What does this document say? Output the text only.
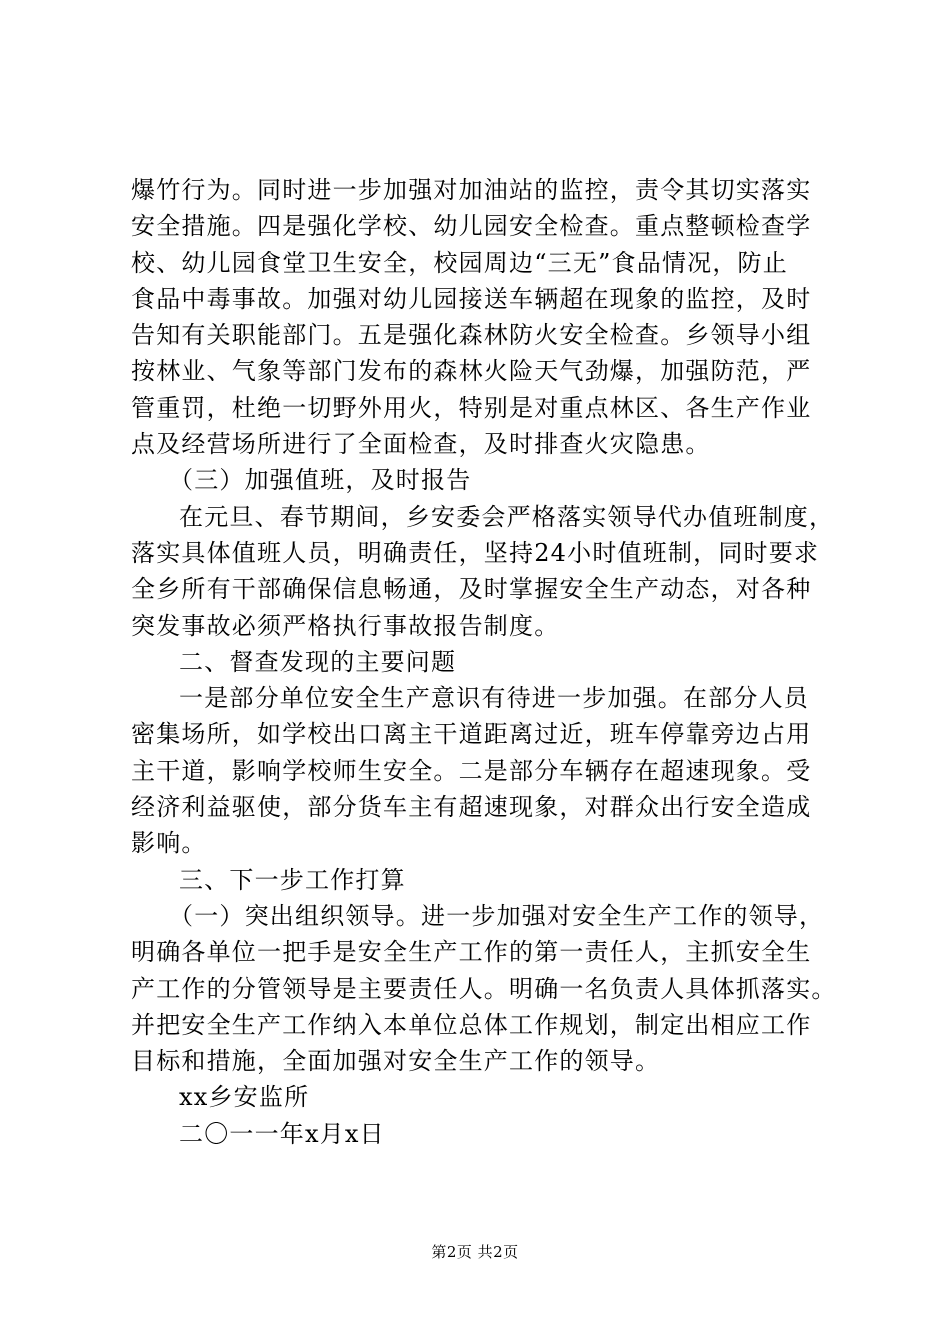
爆竹行为。同时进一步加强对加油站的监控，责令其切实落实
安全措施。四是强化学校、幼儿园安全检查。重点整顿检查学
校、幼儿园食堂卫生安全，校园周边“三无”食品情况，防止
食品中毒事故。加强对幼儿园接送车辆超在现象的监控，及时
告知有关职能部门。五是强化森林防火安全检查。乡领导小组
按林业、气象等部门发布的森林火险天气劲爆，加强防范，严
管重罚，杜绝一切野外用火，特别是对重点林区、各生产作业
点及经营场所进行了全面检查，及时排查火灾隐患。
（三）加强值班，及时报告
在元旦、春节期间，乡安委会严格落实领导代办值班制度，
落实具体值班人员，明确责任，坚持24小时值班制，同时要求
全乡所有干部确保信息畅通，及时掌握安全生产动态，对各种
突发事故必须严格执行事故报告制度。
二、督查发现的主要问题
一是部分单位安全生产意识有待进一步加强。在部分人员
密集场所，如学校出口离主干道距离过近，班车停靠旁边占用
主干道，影响学校师生安全。二是部分车辆存在超速现象。受
经济利益驱使，部分货车主有超速现象，对群众出行安全造成
影响。
三、下一步工作打算
（一）突出组织领导。进一步加强对安全生产工作的领导，
明确各单位一把手是安全生产工作的第一责任人，主抓安全生
产工作的分管领导是主要责任人。明确一名负责人具体抓落实。
并把安全生产工作纳入本单位总体工作规划，制定出相应工作
目标和措施，全面加强对安全生产工作的领导。
xx乡安监所
二〇一一年x月x日
第2页 共2页
